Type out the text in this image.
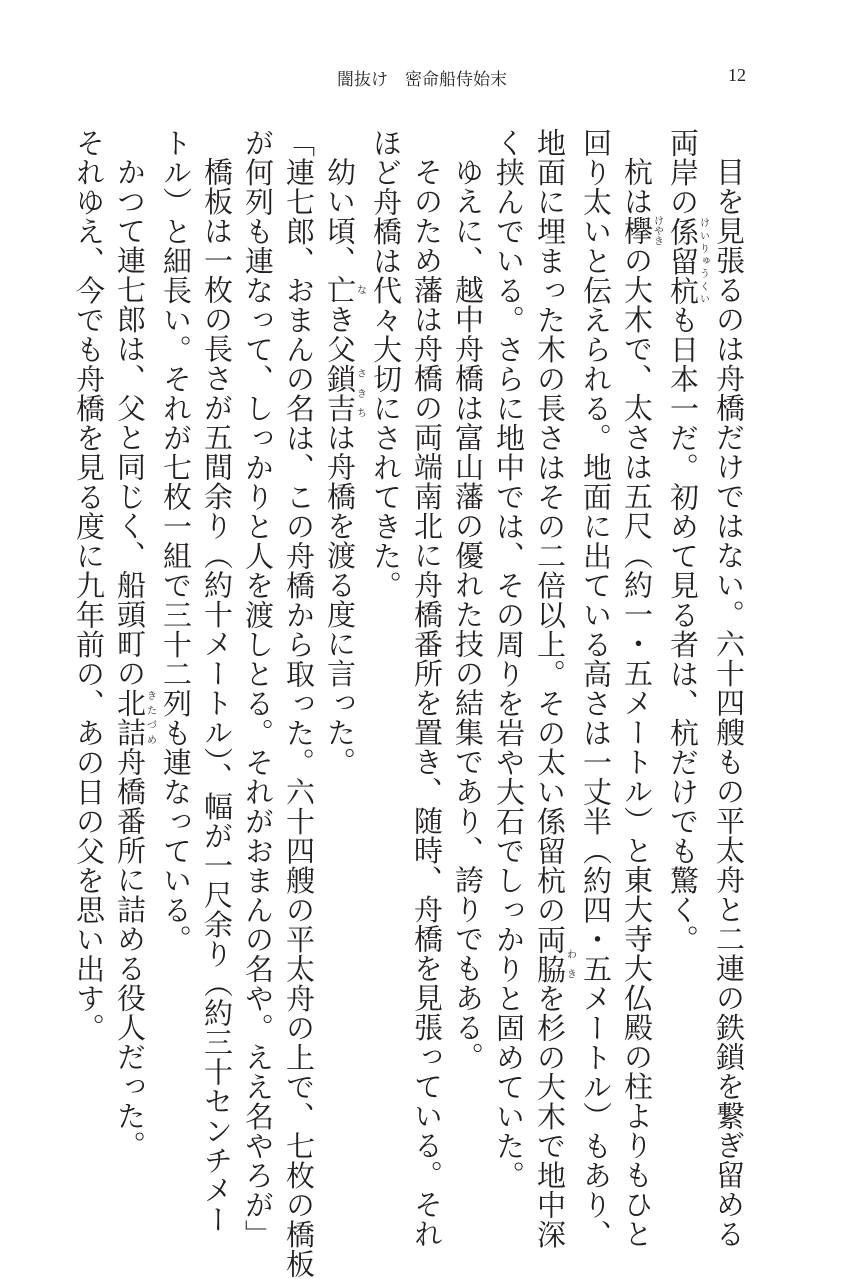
闇抜け　密命船侍始末	12
目を見張るのは舟橋だけではない。六十四艘もの平太舟と二連の鉄鎖を繋ぎ留める
両岸の係留杭けいりゅうくいも日本一だ。初めて見る者は、杭だけでも驚く。
杭は欅けやきの大木で、太さは五尺（約一・五メートル）と東大寺大仏殿の柱よりもひと
回り太いと伝えられる。地面に出ている高さは一丈半（約四・五メートル）もあり、
地面に埋まった木の長さはその二倍以上。その太い係留杭の両脇　わきを杉の大木で地中深
く挟んでいる。さらに地中では、その周りを岩や大石でしっかりと固めていた。
ゆえに、越中舟橋は富山藩の優れた技の結集であり、誇りでもある。
そのため藩は舟橋の両端南北に舟橋番所を置き、随時、舟橋を見張っている。それ
ほど舟橋は代々大切にされてきた。
幼い頃、亡なき父鎖吉さきちは舟橋を渡る度に言った。
「連七郎、おまんの名は、この舟橋から取った。六十四艘の平太舟の上で、七枚の橋板
が何列も連なって、しっかりと人を渡しとる。それがおまんの名や。ええ名やろが」
橋板は一枚の長さが五間余り（約十メートル）、幅が一尺余り（約三十センチメー
トル）と細長い。それが七枚一組で三十二列も連なっている。
かつて連七郎は、父と同じく、船頭町の北詰きたづめ舟橋番所に詰める役人だった。
それゆえ、今でも舟橋を見る度に九年前の、あの日の父を思い出す。
